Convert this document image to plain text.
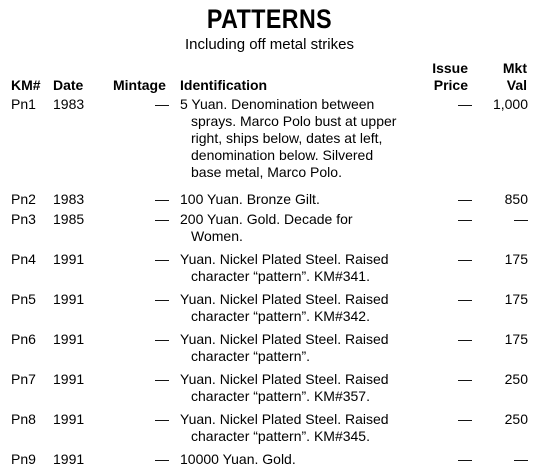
PATTERNS
Including off metal strikes
KM# Date Mintage Identification
Issue
Price
Mkt
Val
Pn1 1983	— 5 Yuan. Denomination between
sprays. Marco Polo bust at upper
right, ships below, dates at left,
denomination below. Silvered
base metal, Marco Polo.
—	1,000
Pn2 1983	— 100 Yuan. Bronze Gilt.	—	850
Pn3 1985	— 200 Yuan. Gold. Decade for
Women.
—	—
Pn4 1991	— Yuan. Nickel Plated Steel. Raised
character “pattern”. KM#341.
—	175
Pn5 1991	— Yuan. Nickel Plated Steel. Raised
character “pattern”. KM#342.
—	175
Pn6 1991	— Yuan. Nickel Plated Steel. Raised
character “pattern”.
—	175
Pn7 1991	— Yuan. Nickel Plated Steel. Raised
character “pattern”. KM#357.
—	250
Pn8 1991	— Yuan. Nickel Plated Steel. Raised
character “pattern”. KM#345.
—	250
Pn9 1991	— 10000 Yuan. Gold.	—	—
